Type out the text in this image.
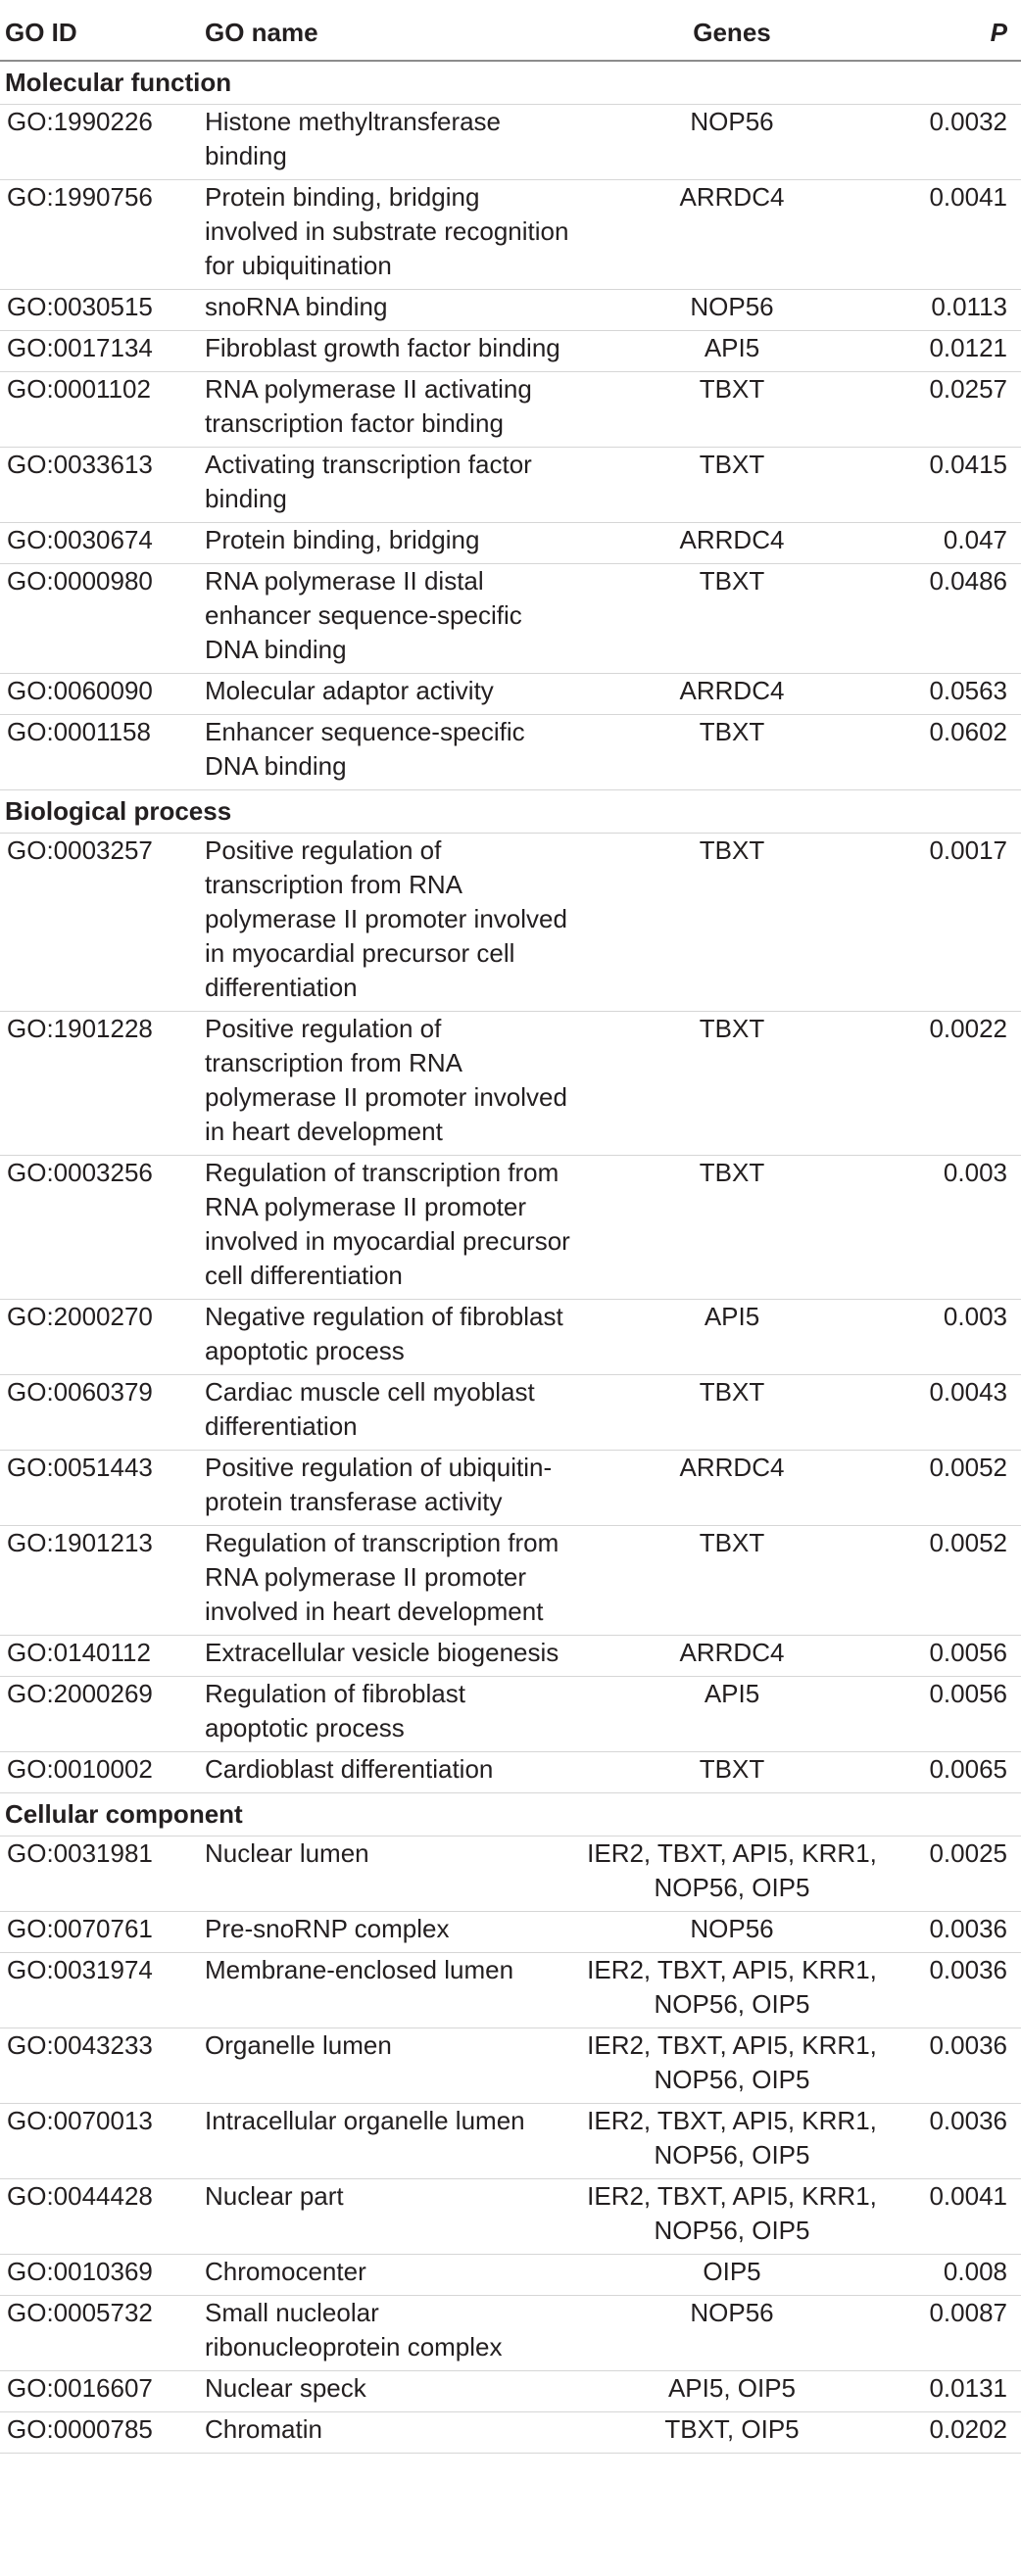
GO ID	GO name	Genes	P
Molecular function			
GO:1990226	Histone methyltransferase binding	NOP56	0.0032
GO:1990756	Protein binding, bridging involved in substrate recognition for ubiquitination	ARRDC4	0.0041
GO:0030515	snoRNA binding	NOP56	0.0113
GO:0017134	Fibroblast growth factor binding	API5	0.0121
GO:0001102	RNA polymerase II activating transcription factor binding	TBXT	0.0257
GO:0033613	Activating transcription factor binding	TBXT	0.0415
GO:0030674	Protein binding, bridging	ARRDC4	0.047
GO:0000980	RNA polymerase II distal enhancer sequence-specific DNA binding	TBXT	0.0486
GO:0060090	Molecular adaptor activity	ARRDC4	0.0563
GO:0001158	Enhancer sequence-specific DNA binding	TBXT	0.0602
Biological process			
GO:0003257	Positive regulation of transcription from RNA polymerase II promoter involved in myocardial precursor cell differentiation	TBXT	0.0017
GO:1901228	Positive regulation of transcription from RNA polymerase II promoter involved in heart development	TBXT	0.0022
GO:0003256	Regulation of transcription from RNA polymerase II promoter involved in myocardial precursor cell differentiation	TBXT	0.003
GO:2000270	Negative regulation of fibroblast apoptotic process	API5	0.003
GO:0060379	Cardiac muscle cell myoblast differentiation	TBXT	0.0043
GO:0051443	Positive regulation of ubiquitin-protein transferase activity	ARRDC4	0.0052
GO:1901213	Regulation of transcription from RNA polymerase II promoter involved in heart development	TBXT	0.0052
GO:0140112	Extracellular vesicle biogenesis	ARRDC4	0.0056
GO:2000269	Regulation of fibroblast apoptotic process	API5	0.0056
GO:0010002	Cardioblast differentiation	TBXT	0.0065
Cellular component			
GO:0031981	Nuclear lumen	IER2, TBXT, API5, KRR1, NOP56, OIP5	0.0025
GO:0070761	Pre-snoRNP complex	NOP56	0.0036
GO:0031974	Membrane-enclosed lumen	IER2, TBXT, API5, KRR1, NOP56, OIP5	0.0036
GO:0043233	Organelle lumen	IER2, TBXT, API5, KRR1, NOP56, OIP5	0.0036
GO:0070013	Intracellular organelle lumen	IER2, TBXT, API5, KRR1, NOP56, OIP5	0.0036
GO:0044428	Nuclear part	IER2, TBXT, API5, KRR1, NOP56, OIP5	0.0041
GO:0010369	Chromocenter	OIP5	0.008
GO:0005732	Small nucleolar ribonucleoprotein complex	NOP56	0.0087
GO:0016607	Nuclear speck	API5, OIP5	0.0131
GO:0000785	Chromatin	TBXT, OIP5	0.0202
